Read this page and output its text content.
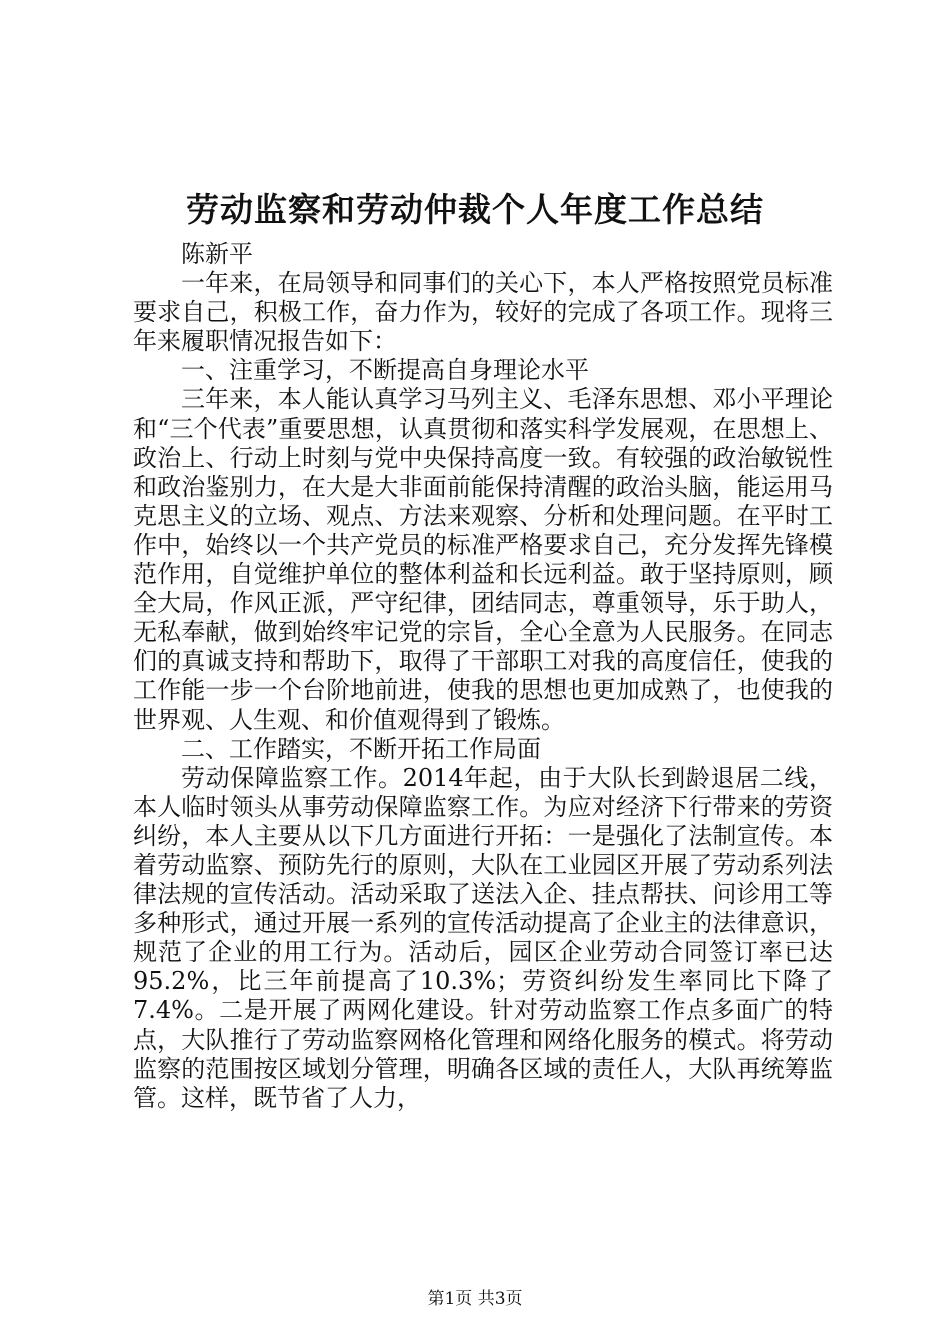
劳动监察和劳动仲裁个人年度工作总结

陈新平

一年来，在局领导和同事们的关心下，本人严格按照党员标准要求自己，积极工作，奋力作为，较好的完成了各项工作。现将三年来履职情况报告如下：

一、注重学习，不断提高自身理论水平

三年来，本人能认真学习马列主义、毛泽东思想、邓小平理论和“三个代表”重要思想，认真贯彻和落实科学发展观，在思想上、政治上、行动上时刻与党中央保持高度一致。有较强的政治敏锐性和政治鉴别力，在大是大非面前能保持清醒的政治头脑，能运用马克思主义的立场、观点、方法来观察、分析和处理问题。在平时工作中，始终以一个共产党员的标准严格要求自己，充分发挥先锋模范作用，自觉维护单位的整体利益和长远利益。敢于坚持原则，顾全大局，作风正派，严守纪律，团结同志，尊重领导，乐于助人，无私奉献，做到始终牢记党的宗旨，全心全意为人民服务。在同志们的真诚支持和帮助下，取得了干部职工对我的高度信任，使我的工作能一步一个台阶地前进，使我的思想也更加成熟了，也使我的世界观、人生观、和价值观得到了锻炼。

二、工作踏实，不断开拓工作局面

劳动保障监察工作。2014年起，由于大队长到龄退居二线，本人临时领头从事劳动保障监察工作。为应对经济下行带来的劳资纠纷，本人主要从以下几方面进行开拓：一是强化了法制宣传。本着劳动监察、预防先行的原则，大队在工业园区开展了劳动系列法律法规的宣传活动。活动采取了送法入企、挂点帮扶、问诊用工等多种形式，通过开展一系列的宣传活动提高了企业主的法律意识，规范了企业的用工行为。活动后，园区企业劳动合同签订率已达95.2%，比三年前提高了10.3%；劳资纠纷发生率同比下降了7.4%。二是开展了两网化建设。针对劳动监察工作点多面广的特点，大队推行了劳动监察网格化管理和网络化服务的模式。将劳动监察的范围按区域划分管理，明确各区域的责任人，大队再统筹监管。这样，既节省了人力，

第1页 共3页
